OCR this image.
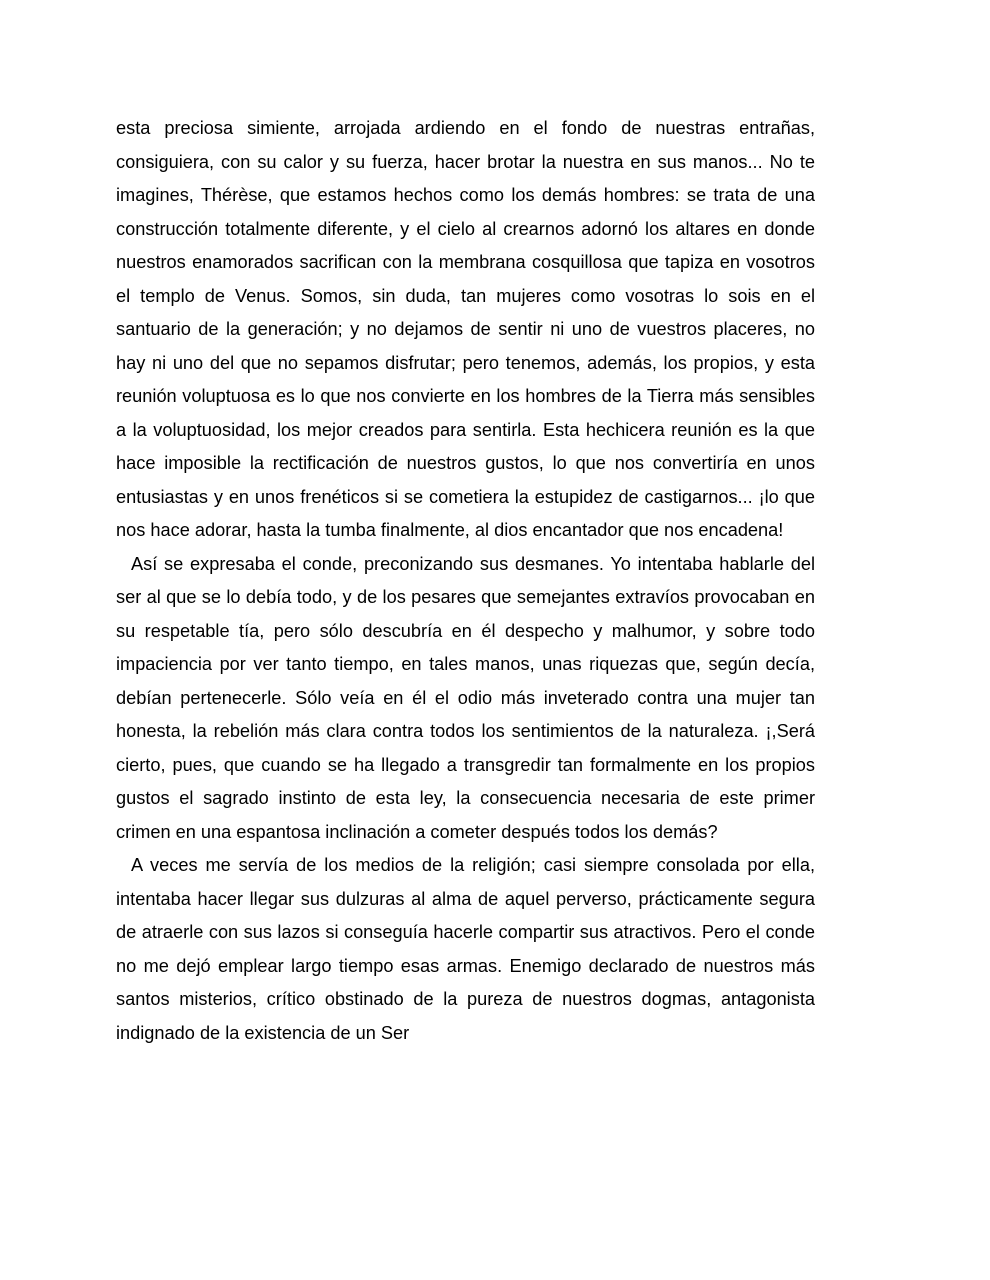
esta preciosa simiente, arrojada ardiendo en el fondo de nuestras entrañas, consiguiera, con su calor y su fuerza, hacer brotar la nuestra en sus manos... No te imagines, Thérèse, que estamos hechos como los demás hombres: se trata de una construcción totalmente diferente, y el cielo al crearnos adornó los altares en donde nuestros enamorados sacrifican con la membrana cosquillosa que tapiza en vosotros el templo de Venus. Somos, sin duda, tan mujeres como vosotras lo sois en el santuario de la generación; y no dejamos de sentir ni uno de vuestros placeres, no hay ni uno del que no sepamos disfrutar; pero tenemos, además, los propios, y esta reunión voluptuosa es lo que nos convierte en los hombres de la Tierra más sensibles a la voluptuosidad, los mejor creados para sentirla. Esta hechicera reunión es la que hace imposible la rectificación de nuestros gustos, lo que nos convertiría en unos entusiastas y en unos frenéticos si se cometiera la estupidez de castigarnos... ¡lo que nos hace adorar, hasta la tumba finalmente, al dios encantador que nos encadena!

Así se expresaba el conde, preconizando sus desmanes. Yo intentaba hablarle del ser al que se lo debía todo, y de los pesares que semejantes extravíos provocaban en su respetable tía, pero sólo descubría en él despecho y malhumor, y sobre todo impaciencia por ver tanto tiempo, en tales manos, unas riquezas que, según decía, debían pertenecerle. Sólo veía en él el odio más inveterado contra una mujer tan honesta, la rebelión más clara contra todos los sentimientos de la naturaleza. ¡,Será cierto, pues, que cuando se ha llegado a transgredir tan formalmente en los propios gustos el sagrado instinto de esta ley, la consecuencia necesaria de este primer crimen en una espantosa inclinación a cometer después todos los demás?

A veces me servía de los medios de la religión; casi siempre consolada por ella, intentaba hacer llegar sus dulzuras al alma de aquel perverso, prácticamente segura de atraerle con sus lazos si conseguía hacerle compartir sus atractivos. Pero el conde no me dejó emplear largo tiempo esas armas. Enemigo declarado de nuestros más santos misterios, crítico obstinado de la pureza de nuestros dogmas, antagonista indignado de la existencia de un Ser
